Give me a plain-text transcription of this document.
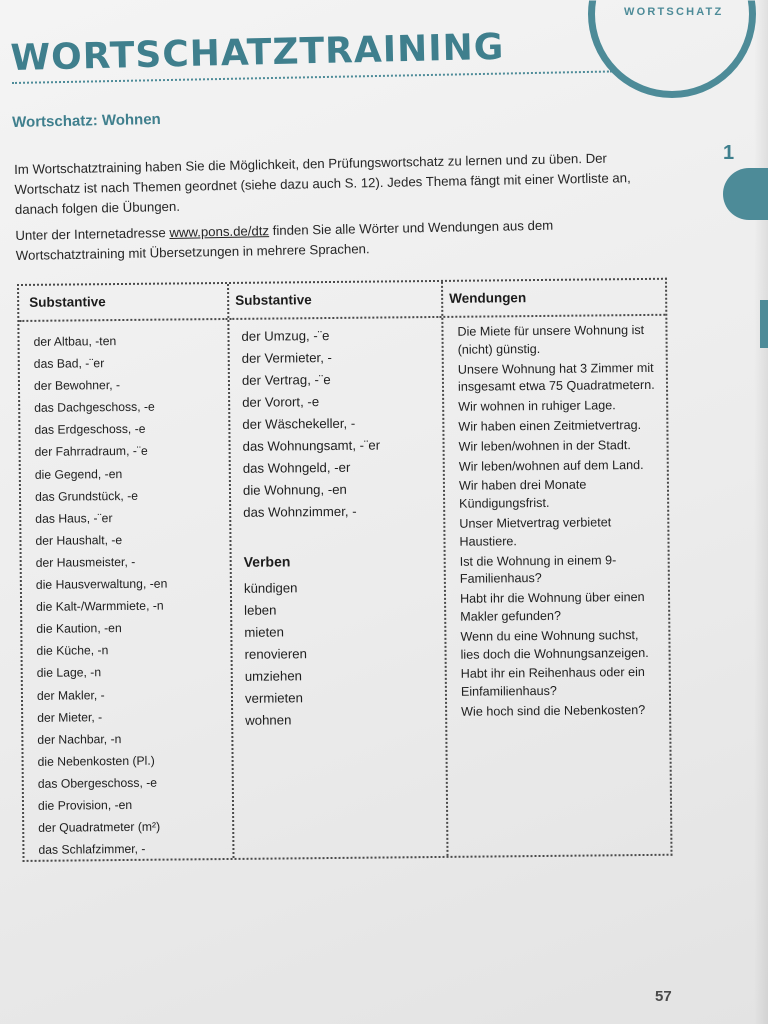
WORTSCHATZ
WORTSCHATZTRAINING
Wortschatz: Wohnen

Im Wortschatztraining haben Sie die Möglichkeit, den Prüfungswortschatz zu lernen und zu üben. Der Wortschatz ist nach Themen geordnet (siehe dazu auch S. 12). Jedes Thema fängt mit einer Wortliste an, danach folgen die Übungen.

Unter der Internetadresse www.pons.de/dtz finden Sie alle Wörter und Wendungen aus dem Wortschatztraining mit Übersetzungen in mehrere Sprachen.

1
Substantive
der Altbau, -ten
das Bad, -¨er
der Bewohner, -
das Dachgeschoss, -e
das Erdgeschoss, -e
der Fahrradraum, -¨e
die Gegend, -en
das Grundstück, -e
das Haus, -¨er
der Haushalt, -e
der Hausmeister, -
die Hausverwaltung, -en
die Kalt-/Warmmiete, -n
die Kaution, -en
die Küche, -n
die Lage, -n
der Makler, -
der Mieter, -
der Nachbar, -n
die Nebenkosten (Pl.)
das Obergeschoss, -e
die Provision, -en
der Quadratmeter (m²)
das Schlafzimmer, -
Substantive
der Umzug, -¨e
der Vermieter, -
der Vertrag, -¨e
der Vorort, -e
der Wäschekeller, -
das Wohnungsamt, -¨er
das Wohngeld, -er
die Wohnung, -en
das Wohnzimmer, -
Verben
kündigen
leben
mieten
renovieren
umziehen
vermieten
wohnen
Wendungen
Die Miete für unsere Wohnung ist (nicht) günstig.
Unsere Wohnung hat 3 Zimmer mit insgesamt etwa 75 Quadratmetern.
Wir wohnen in ruhiger Lage.
Wir haben einen Zeitmietvertrag.
Wir leben/wohnen in der Stadt.
Wir leben/wohnen auf dem Land.
Wir haben drei Monate Kündigungsfrist.
Unser Mietvertrag verbietet Haustiere.
Ist die Wohnung in einem 9-Familienhaus?
Habt ihr die Wohnung über einen Makler gefunden?
Wenn du eine Wohnung suchst, lies doch die Wohnungsanzeigen.
Habt ihr ein Reihenhaus oder ein Einfamilienhaus?
Wie hoch sind die Nebenkosten?
57
